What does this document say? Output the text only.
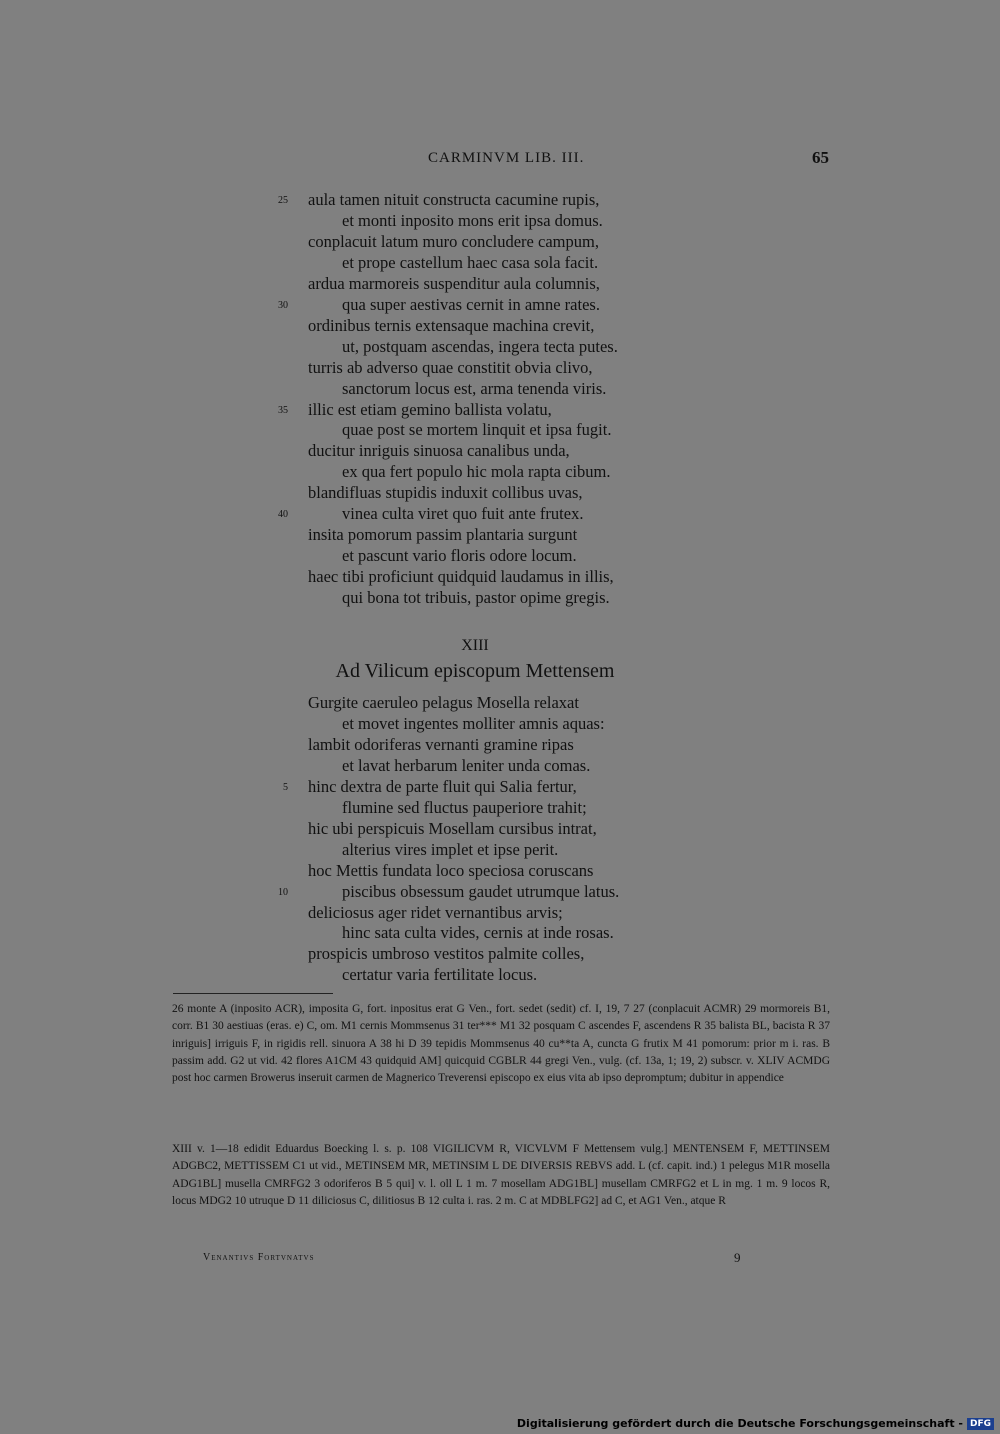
CARMINVM LIB. III.	65
aula tamen nituit constructa cacumine rupis,
25
et monti inposito mons erit ipsa domus.
conplacuit latum muro concludere campum,
et prope castellum haec casa sola facit.
ardua marmoreis suspenditur aula columnis,
qua super aestivas cernit in amne rates.
30
ordinibus ternis extensaque machina crevit,
ut, postquam ascendas, ingera tecta putes.
turris ab adverso quae constitit obvia clivo,
sanctorum locus est, arma tenenda viris.
illic est etiam gemino ballista volatu,
35
quae post se mortem linquit et ipsa fugit.
ducitur inriguis sinuosa canalibus unda,
ex qua fert populo hic mola rapta cibum.
blandifluas stupidis induxit collibus uvas,
vinea culta viret quo fuit ante frutex.
40
insita pomorum passim plantaria surgunt
et pascunt vario floris odore locum.
haec tibi proficiunt quidquid laudamus in illis,
qui bona tot tribuis, pastor opime gregis.
XIII
Ad Vilicum episcopum Mettensem
Gurgite caeruleo pelagus Mosella relaxat
et movet ingentes molliter amnis aquas:
lambit odoriferas vernanti gramine ripas
et lavat herbarum leniter unda comas.
hinc dextra de parte fluit qui Salia fertur,
5
flumine sed fluctus pauperiore trahit;
hic ubi perspicuis Mosellam cursibus intrat,
alterius vires implet et ipse perit.
hoc Mettis fundata loco speciosa coruscans
piscibus obsessum gaudet utrumque latus.
10
deliciosus ager ridet vernantibus arvis;
hinc sata culta vides, cernis at inde rosas.
prospicis umbroso vestitos palmite colles,
certatur varia fertilitate locus.
26 monte A (inposito ACR), imposita G, fort. inpositus erat G Ven., fort. sedet (sedit) cf. I, 19, 7 27 (conplacuit ACMR) 29 mormoreis B1, corr. B1 30 aestiuas (eras. e) C, om. M1 cernis Mommsenus 31 ter*** M1 32 posquam C ascendes F, ascendens R 35 balista BL, bacista R 37 inriguis] irriguis F, in rigidis rell. sinuora A 38 hi D 39 tepidis Mommsenus 40 cu**ta A, cuncta G frutix M 41 pomorum: prior m i. ras. B passim add. G2 ut vid. 42 flores A1CM 43 quidquid AM] quicquid CGBLR 44 gregi Ven., vulg. (cf. 13a, 1; 19, 2) subscr. v. XLIV ACMDG post hoc carmen Browerus inseruit carmen de Magnerico Treverensi episcopo ex eius vita ab ipso depromptum; dubitur in appendice
XIII v. 1—18 edidit Eduardus Boecking l. s. p. 108 VIGILICVM R, VICVLVM F Mettensem vulg.] MENTENSEM F, METTINSEM ADGBC2, METTISSEM C1 ut vid., METINSEM MR, METINSIM L DE DIVERSIS REBVS add. L (cf. capit. ind.) 1 pelegus M1R mosella ADG1BL] musella CMRFG2 3 odoriferos B 5 qui] v. l. oll L 1 m. 7 mosellam ADG1BL] musellam CMRFG2 et L in mg. 1 m. 9 locos R, locus MDG2 10 utruque D 11 diliciosus C, dilitiosus B 12 culta i. ras. 2 m. C at MDBLFG2] ad C, et AG1 Ven., atque R
Venantivs Fortvnatvs	9
Digitalisierung gefördert durch die Deutsche Forschungsgemeinschaft - DFG
